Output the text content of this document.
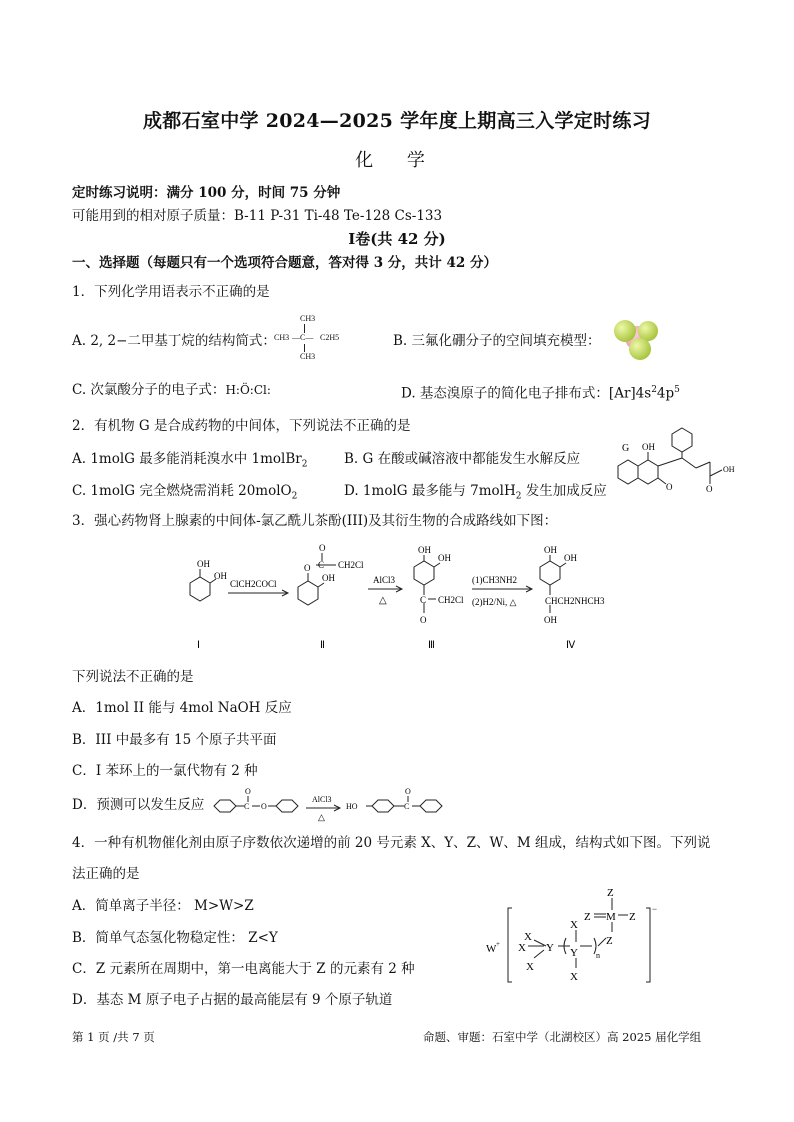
成都石室中学 2024—2025 学年度上期高三入学定时练习
化 学
定时练习说明：满分 100 分，时间 75 分钟
可能用到的相对原子质量：B-11 P-31 Ti-48 Te-128 Cs-133
Ⅰ卷(共 42 分)
一、选择题（每题只有一个选项符合题意，答对得 3 分，共计 42 分）
1．下列化学用语表示不正确的是
A. 2, 2−二甲基丁烷的结构简式：
CH3
CH3 —C— C2H5
CH3
B. 三氟化硼分子的空间填充模型：
C. 次氯酸分子的电子式：H:Ö:Cl:	D. 基态溴原子的简化电子排布式：$[Ar]4s^24p^5$
2．有机物 G 是合成药物的中间体，下列说法不正确的是
A. 1molG 最多能消耗溴水中 1molBr$_2$	B. G 在酸或碱溶液中都能发生水解反应
C. 1molG 完全燃烧需消耗 20molO$_2$	D. 1molG 最多能与 7molH$_2$ 发生加成反应
G OH
OH
O
O
3．强心药物肾上腺素的中间体-氯乙酰儿茶酚(III)及其衍生物的合成路线如下图：
OH
OH
ClCH2COCl
O
O
C CH2Cl
OH	AlCl3
△
OH
OH
C CH2Cl
O
(1)CH3NH2
(2)H2/Ni, △
OH
OH
CHCH2NHCH3
OH
Ⅰ	Ⅱ	Ⅲ	Ⅳ
下列说法不正确的是
A．1mol II 能与 4mol NaOH 反应
B．III 中最多有 15 个原子共平面
C．I 苯环上的一氯代物有 2 种
D．预测可以发生反应
O
C O
AlCl3
△
HO
O
C
4．一种有机物催化剂由原子序数依次递增的前 20 号元素 X、Y、Z、W、M 组成，结构式如下图。下列说
法正确的是
A．简单离子半径： M>W>Z
B．简单气态氢化物稳定性： Z<Y
C．Z 元素所在周期中，第一电离能大于 Z 的元素有 2 种
D．基态 M 原子电子占据的最高能层有 9 个原子轨道
W +
X
X
X
Y
X
Y
X
n
Z
Z
Z M Z
−
第 1 页 /共 7 页	命题、审题：石室中学（北湖校区）高 2025 届化学组
